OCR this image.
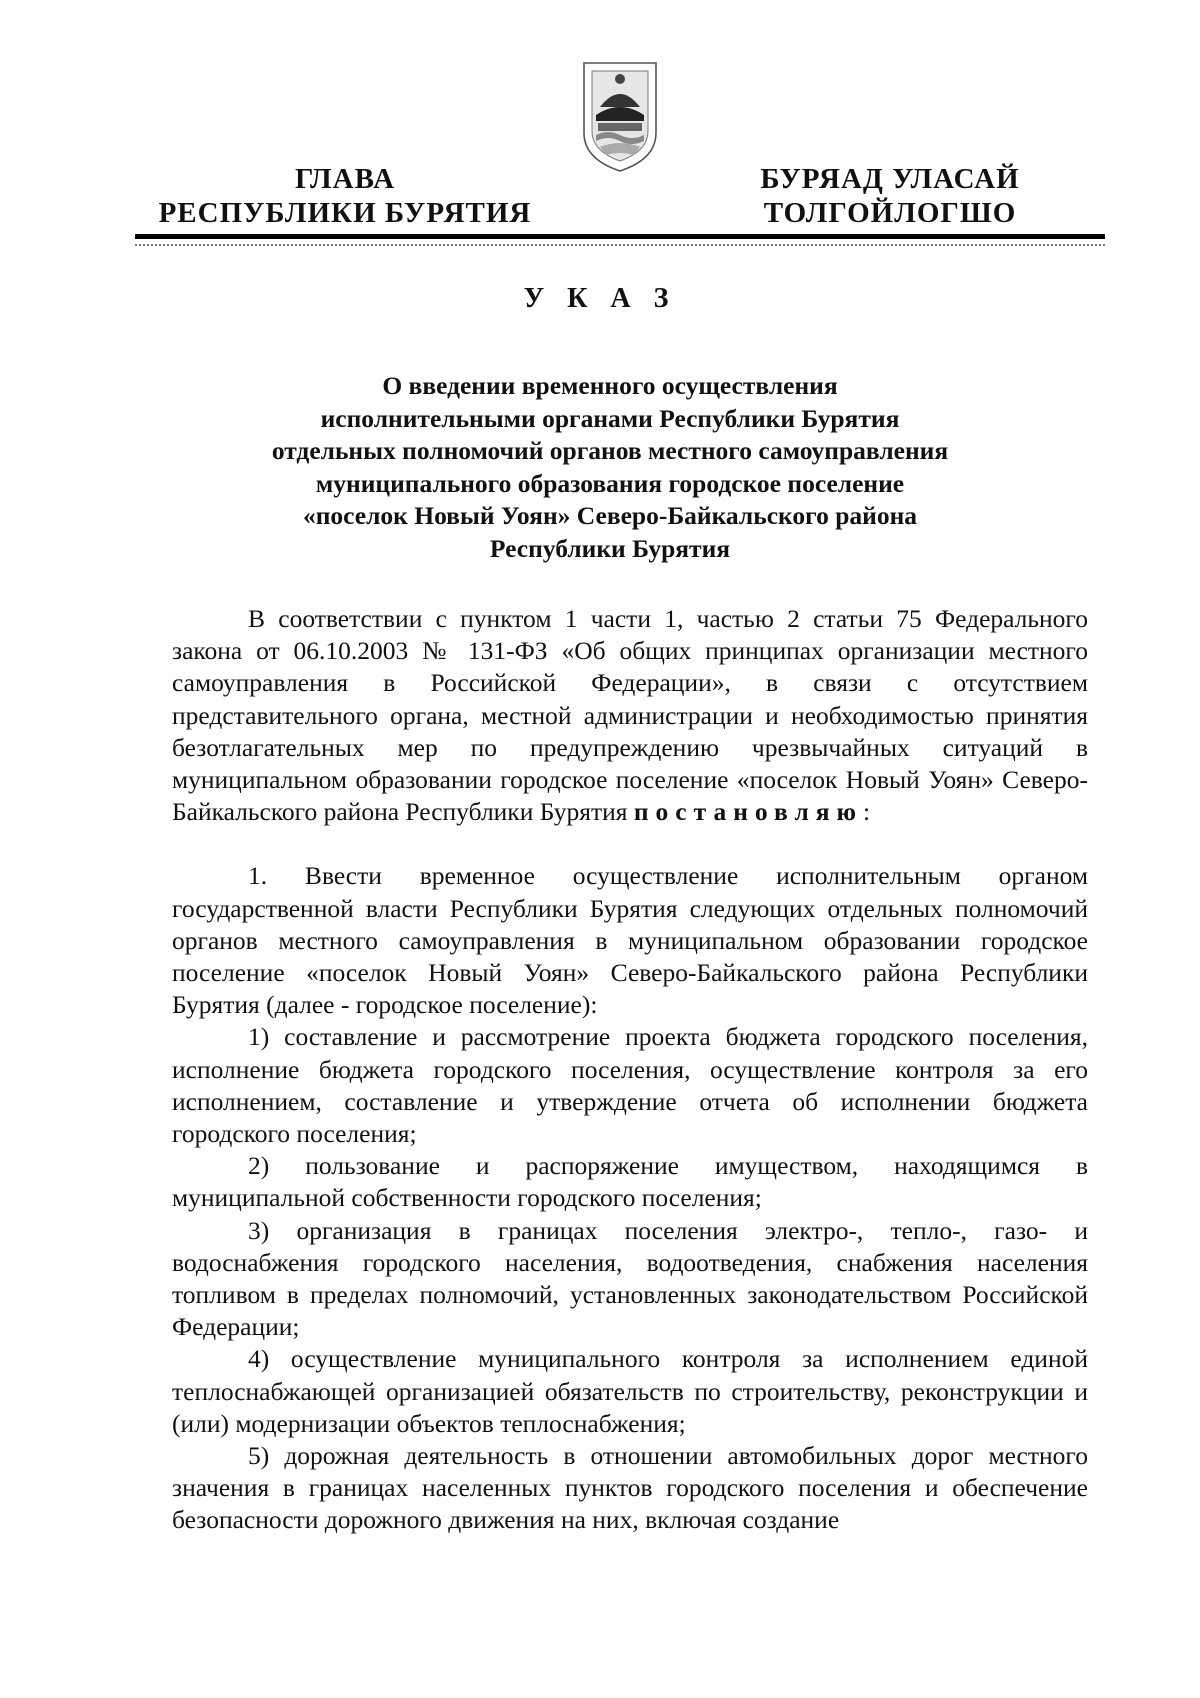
ГЛАВА
РЕСПУБЛИКИ БУРЯТИЯ
БУРЯАД УЛАСАЙ
ТОЛГОЙЛОГШО
У К А З
О введении временного осуществления
исполнительными органами Республики Бурятия
отдельных полномочий органов местного самоуправления
муниципального образования городское поселение
«поселок Новый Уоян» Северо-Байкальского района
Республики Бурятия

В соответствии с пунктом 1 части 1, частью 2 статьи 75 Федерального закона от 06.10.2003 № 131-ФЗ «Об общих принципах организации местного самоуправления в Российской Федерации», в связи с отсутствием представительного органа, местной администрации и необходимостью принятия безотлагательных мер по предупреждению чрезвычайных ситуаций в муниципальном образовании городское поселение «поселок Новый Уоян» Северо-Байкальского района Республики Бурятия постановляю:

1. Ввести временное осуществление исполнительным органом государственной власти Республики Бурятия следующих отдельных полномочий органов местного самоуправления в муниципальном образовании городское поселение «поселок Новый Уоян» Северо-Байкальского района Республики Бурятия (далее - городское поселение):

1) составление и рассмотрение проекта бюджета городского поселения, исполнение бюджета городского поселения, осуществление контроля за его исполнением, составление и утверждение отчета об исполнении бюджета городского поселения;

2) пользование и распоряжение имуществом, находящимся в муниципальной собственности городского поселения;

3) организация в границах поселения электро-, тепло-, газо- и водоснабжения городского населения, водоотведения, снабжения населения топливом в пределах полномочий, установленных законодательством Российской Федерации;

4) осуществление муниципального контроля за исполнением единой теплоснабжающей организацией обязательств по строительству, реконструкции и (или) модернизации объектов теплоснабжения;

5) дорожная деятельность в отношении автомобильных дорог местного значения в границах населенных пунктов городского поселения и обеспечение безопасности дорожного движения на них, включая создание
